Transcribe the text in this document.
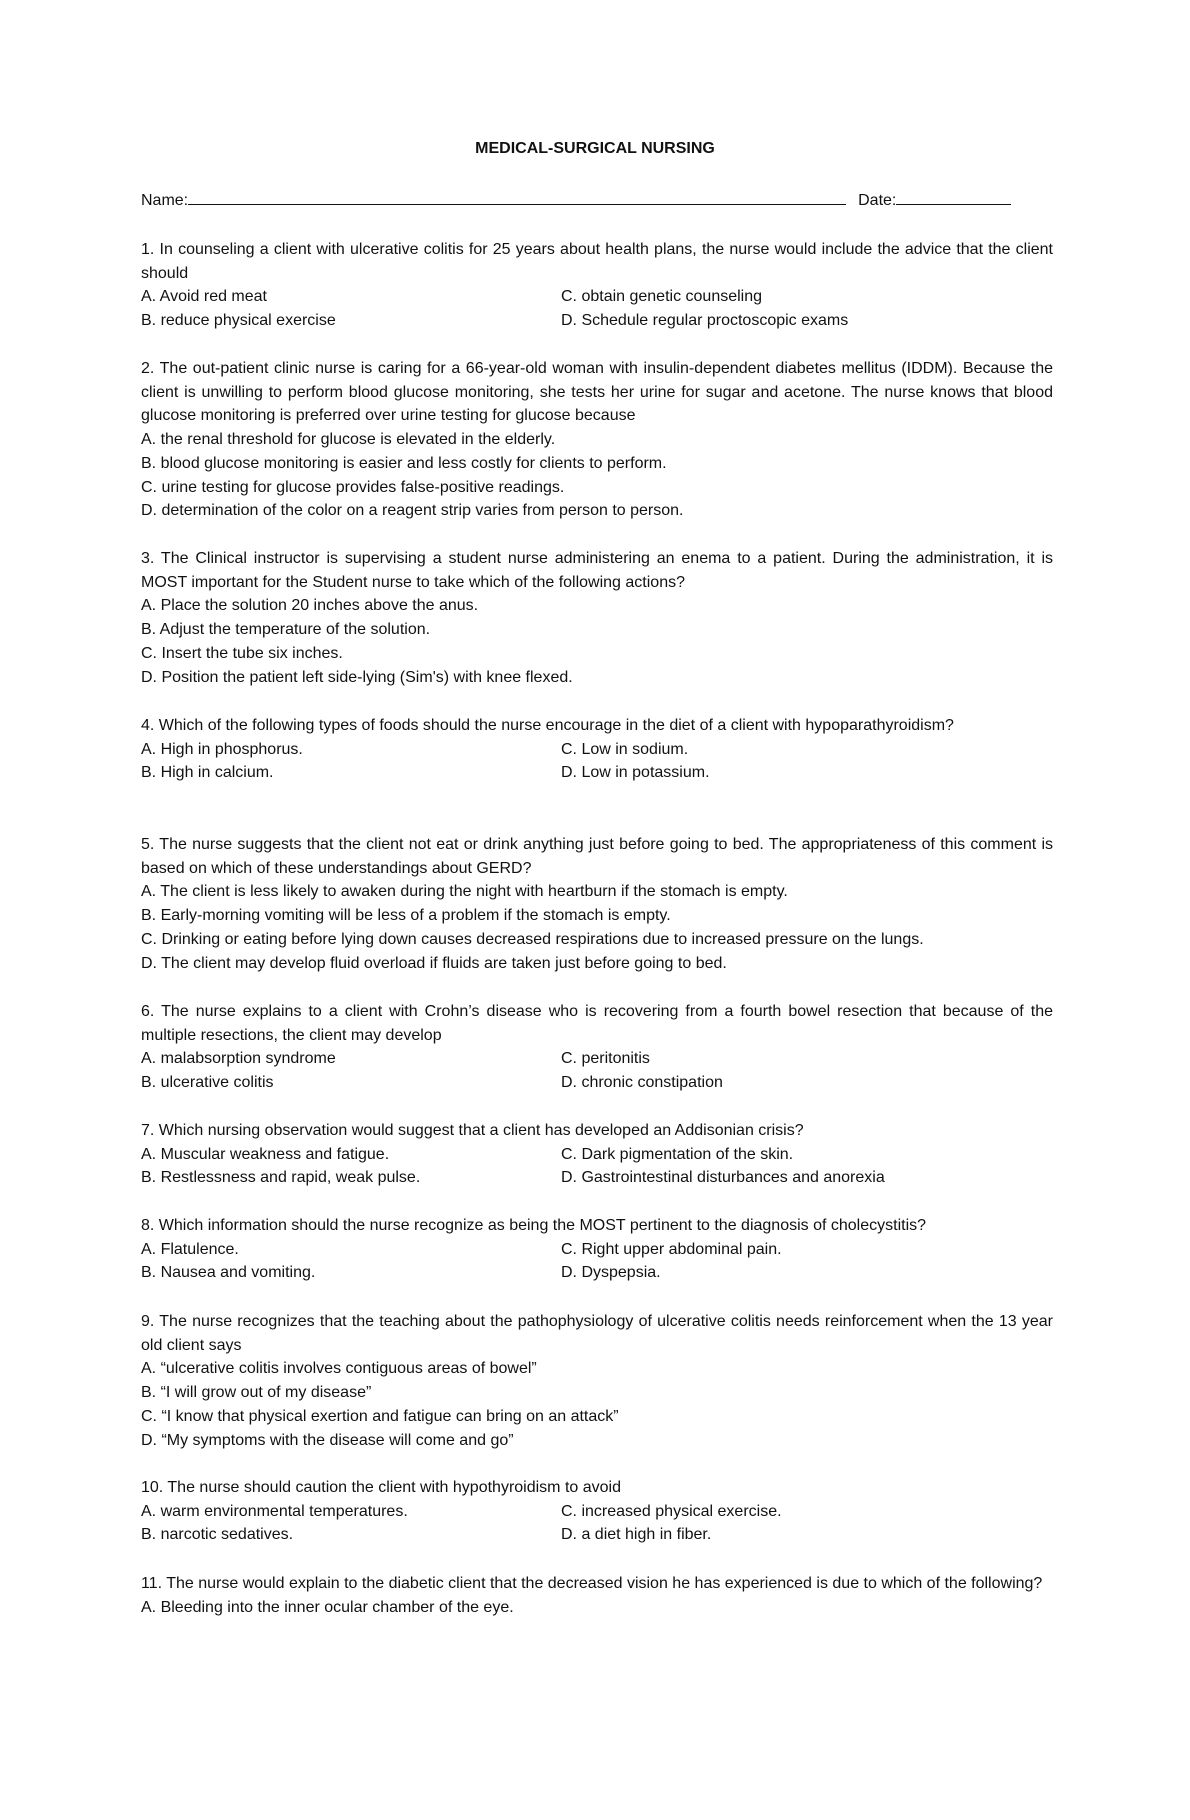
MEDICAL-SURGICAL NURSING
Name:	Date:
1. In counseling a client with ulcerative colitis for 25 years about health plans, the nurse would include the advice that the client should
A. Avoid red meat	C. obtain genetic counseling
B. reduce physical exercise	D. Schedule regular proctoscopic exams
2. The out-patient clinic nurse is caring for a 66-year-old woman with insulin-dependent diabetes mellitus (IDDM). Because the client is unwilling to perform blood glucose monitoring, she tests her urine for sugar and acetone. The nurse knows that blood glucose monitoring is preferred over urine testing for glucose because
A. the renal threshold for glucose is elevated in the elderly.
B. blood glucose monitoring is easier and less costly for clients to perform.
C. urine testing for glucose provides false-positive readings.
D. determination of the color on a reagent strip varies from person to person.
3. The Clinical instructor is supervising a student nurse administering an enema to a patient. During the administration, it is MOST important for the Student nurse to take which of the following actions?
A. Place the solution 20 inches above the anus.
B. Adjust the temperature of the solution.
C. Insert the tube six inches.
D. Position the patient left side-lying (Sim's) with knee flexed.
4. Which of the following types of foods should the nurse encourage in the diet of a client with hypoparathyroidism?
A. High in phosphorus.	C. Low in sodium.
B. High in calcium.	D. Low in potassium.
5. The nurse suggests that the client not eat or drink anything just before going to bed. The appropriateness of this comment is based on which of these understandings about GERD?
A. The client is less likely to awaken during the night with heartburn if the stomach is empty.
B. Early-morning vomiting will be less of a problem if the stomach is empty.
C. Drinking or eating before lying down causes decreased respirations due to increased pressure on the lungs.
D. The client may develop fluid overload if fluids are taken just before going to bed.
6. The nurse explains to a client with Crohn’s disease who is recovering from a fourth bowel resection that because of the multiple resections, the client may develop
A. malabsorption syndrome	C. peritonitis
B. ulcerative colitis	D. chronic constipation
7. Which nursing observation would suggest that a client has developed an Addisonian crisis?
A. Muscular weakness and fatigue.	C. Dark pigmentation of the skin.
B. Restlessness and rapid, weak pulse.	D. Gastrointestinal disturbances and anorexia
8. Which information should the nurse recognize as being the MOST pertinent to the diagnosis of cholecystitis?
A. Flatulence.	C. Right upper abdominal pain.
B. Nausea and vomiting.	D. Dyspepsia.
9. The nurse recognizes that the teaching about the pathophysiology of ulcerative colitis needs reinforcement when the 13 year old client says
A. “ulcerative colitis involves contiguous areas of bowel”
B. “I will grow out of my disease”
C. “I know that physical exertion and fatigue can bring on an attack”
D. “My symptoms with the disease will come and go”
10. The nurse should caution the client with hypothyroidism to avoid
A. warm environmental temperatures.	C. increased physical exercise.
B. narcotic sedatives.	D. a diet high in fiber.
11. The nurse would explain to the diabetic client that the decreased vision he has experienced is due to which of the following?
A. Bleeding into the inner ocular chamber of the eye.
